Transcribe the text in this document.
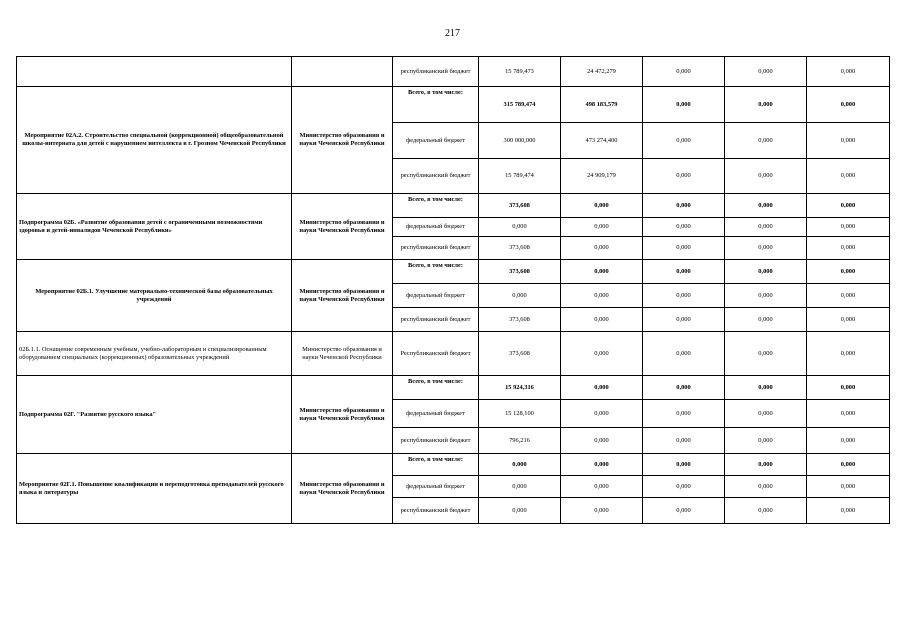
217
		республиканский бюджет	15 789,473	24 472,279	0,000	0,000	0,000
Мероприятие 02А.2. Строительство специальной (коррекционной) общеобразовательной школы-интерната для детей с нарушением интеллекта в г. Грозном Чеченской Республики	Министерство образования и науки Чеченской Республики	Всего, в том числе:	315 789,474	498 183,579	0,000	0,000	0,000
		федеральный бюджет	300 000,000	473 274,400	0,000	0,000	0,000
		республиканский бюджет	15 789,474	24 909,179	0,000	0,000	0,000
Подпрограмма 02Б. «Развитие образования детей с ограниченными возможностями здоровья и детей-инвалидов Чеченской Республики»	Министерство образования и науки Чеченской Республики	Всего, в том числе:	373,608	0,000	0,000	0,000	0,000
		федеральный бюджет	0,000	0,000	0,000	0,000	0,000
		республиканский бюджет	373,608	0,000	0,000	0,000	0,000
Мероприятие 02Б.1. Улучшение материально-технической базы образовательных учреждений	Министерство образования и науки Чеченской Республики	Всего, в том числе:	373,608	0,000	0,000	0,000	0,000
		федеральный бюджет	0,000	0,000	0,000	0,000	0,000
		республиканский бюджет	373,608	0,000	0,000	0,000	0,000
02Б.1.1. Оснащение современным учебным, учебно-лабораторным и специализированным оборудованием специальных (коррекционных) образовательных учреждений	Министерство образования и науки Чеченской Республики	Республиканский бюджет	373,608	0,000	0,000	0,000	0,000
Подпрограмма 02Г. "Развитие русского языка"	Министерство образования и науки Чеченской Республики	Всего, в том числе:	15 924,316	0,000	0,000	0,000	0,000
		федеральный бюджет	15 128,100	0,000	0,000	0,000	0,000
		республиканский бюджет	796,216	0,000	0,000	0,000	0,000
Мероприятие 02Г.1. Повышение квалификации и переподготовка преподавателей русского языка и литературы	Министерство образования и науки Чеченской Республики	Всего, в том числе:	0,000	0,000	0,000	0,000	0,000
		федеральный бюджет	0,000	0,000	0,000	0,000	0,000
		республиканский бюджет	0,000	0,000	0,000	0,000	0,000
